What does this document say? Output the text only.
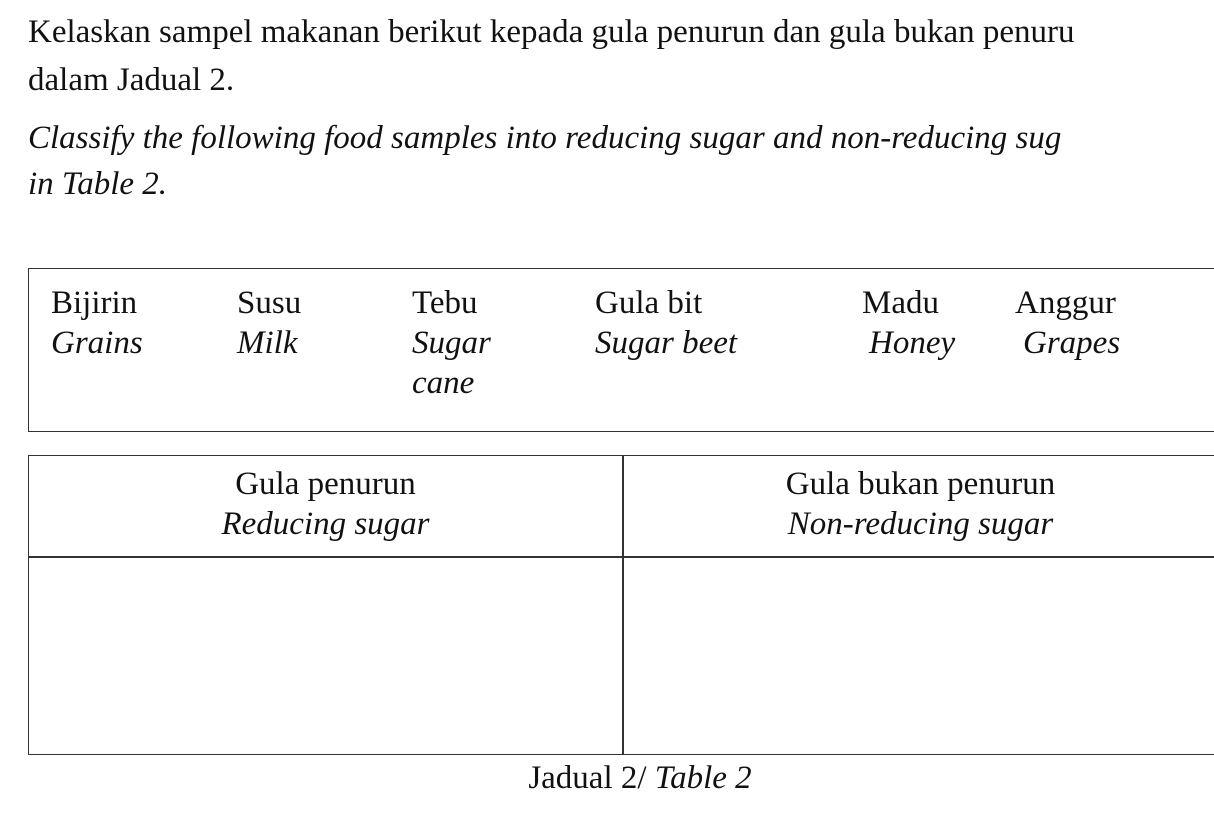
Kelaskan sampel makanan berikut kepada gula penurun dan gula bukan penuru

dalam Jadual 2.

Classify the following food samples into reducing sugar and non-reducing sug

in Table 2.

Bijirin
Grains
Susu
Milk
Tebu
Sugar
cane
Gula bit
Sugar beet
Madu
Honey
Anggur
Grapes
Gula penurun
Reducing sugar
Gula bukan penurun
Non-reducing sugar
Jadual 2/ Table 2
